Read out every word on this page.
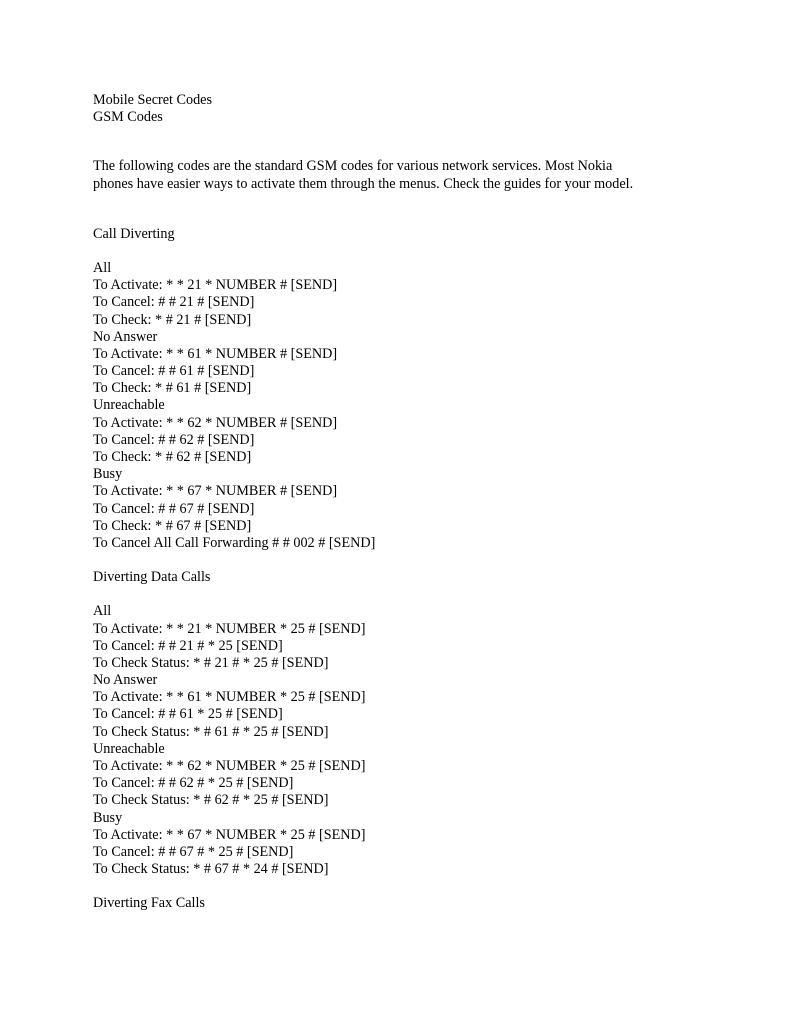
Mobile Secret Codes
GSM Codes
The following codes are the standard GSM codes for various network services. Most Nokia
phones have easier ways to activate them through the menus. Check the guides for your model.
Call Diverting
All
To Activate: * * 21 * NUMBER # [SEND]
To Cancel: # # 21 # [SEND]
To Check: * # 21 # [SEND]
No Answer
To Activate: * * 61 * NUMBER # [SEND]
To Cancel: # # 61 # [SEND]
To Check: * # 61 # [SEND]
Unreachable
To Activate: * * 62 * NUMBER # [SEND]
To Cancel: # # 62 # [SEND]
To Check: * # 62 # [SEND]
Busy
To Activate: * * 67 * NUMBER # [SEND]
To Cancel: # # 67 # [SEND]
To Check: * # 67 # [SEND]
To Cancel All Call Forwarding # # 002 # [SEND]
Diverting Data Calls
All
To Activate: * * 21 * NUMBER * 25 # [SEND]
To Cancel: # # 21 # * 25 [SEND]
To Check Status: * # 21 # * 25 # [SEND]
No Answer
To Activate: * * 61 * NUMBER * 25 # [SEND]
To Cancel: # # 61 * 25 # [SEND]
To Check Status: * # 61 # * 25 # [SEND]
Unreachable
To Activate: * * 62 * NUMBER * 25 # [SEND]
To Cancel: # # 62 # * 25 # [SEND]
To Check Status: * # 62 # * 25 # [SEND]
Busy
To Activate: * * 67 * NUMBER * 25 # [SEND]
To Cancel: # # 67 # * 25 # [SEND]
To Check Status: * # 67 # * 24 # [SEND]
Diverting Fax Calls
